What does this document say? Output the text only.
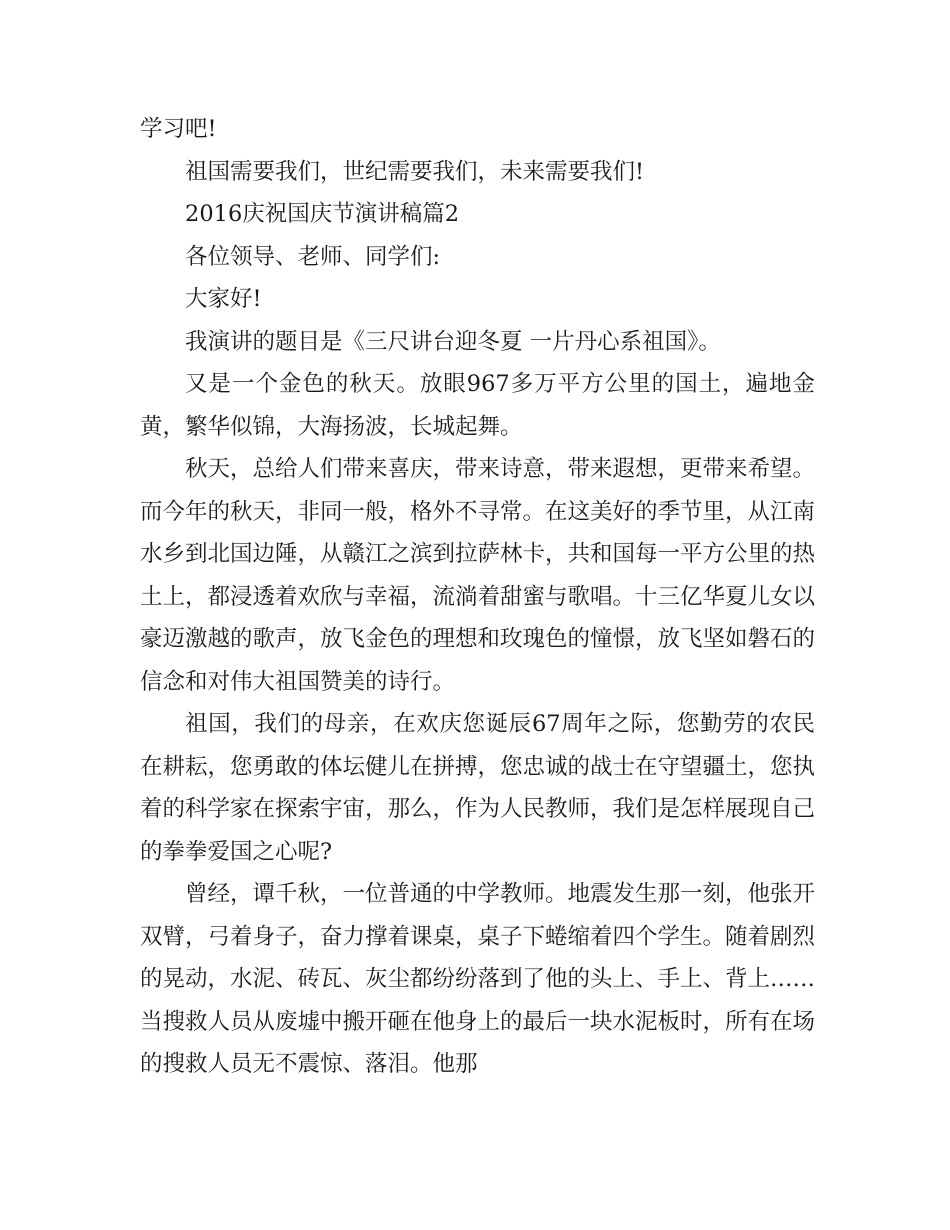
学习吧!

祖国需要我们，世纪需要我们，未来需要我们!

2016庆祝国庆节演讲稿篇2

各位领导、老师、同学们:

大家好!

我演讲的题目是《三尺讲台迎冬夏 一片丹心系祖国》。

又是一个金色的秋天。放眼967多万平方公里的国土，遍地金黄，繁华似锦，大海扬波，长城起舞。

秋天，总给人们带来喜庆，带来诗意，带来遐想，更带来希望。而今年的秋天，非同一般，格外不寻常。在这美好的季节里，从江南水乡到北国边陲，从赣江之滨到拉萨林卡，共和国每一平方公里的热土上，都浸透着欢欣与幸福，流淌着甜蜜与歌唱。十三亿华夏儿女以豪迈激越的歌声，放飞金色的理想和玫瑰色的憧憬，放飞坚如磐石的信念和对伟大祖国赞美的诗行。

祖国，我们的母亲，在欢庆您诞辰67周年之际，您勤劳的农民在耕耘，您勇敢的体坛健儿在拼搏，您忠诚的战士在守望疆土，您执着的科学家在探索宇宙，那么，作为人民教师，我们是怎样展现自己的拳拳爱国之心呢?

曾经，谭千秋，一位普通的中学教师。地震发生那一刻，他张开双臂，弓着身子，奋力撑着课桌，桌子下蜷缩着四个学生。随着剧烈的晃动，水泥、砖瓦、灰尘都纷纷落到了他的头上、手上、背上……当搜救人员从废墟中搬开砸在他身上的最后一块水泥板时，所有在场的搜救人员无不震惊、落泪。他那
